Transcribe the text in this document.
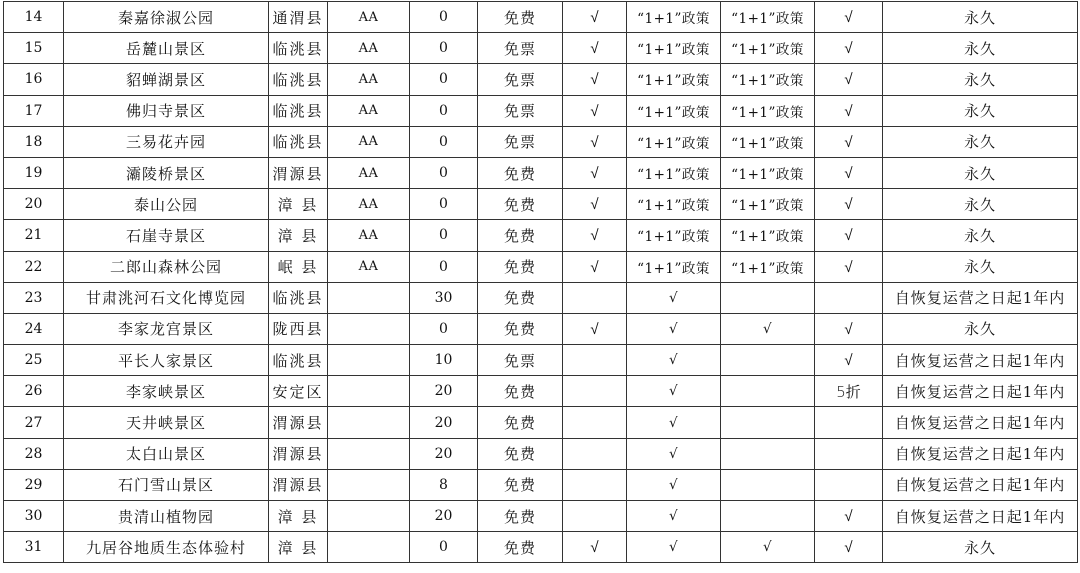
14	秦嘉徐淑公园	通渭县	AA	0	免费	√	“1+1”政策	“1+1”政策	√	永久
15	岳麓山景区	临洮县	AA	0	免票	√	“1+1”政策	“1+1”政策	√	永久
16	貂蝉湖景区	临洮县	AA	0	免票	√	“1+1”政策	“1+1”政策	√	永久
17	佛归寺景区	临洮县	AA	0	免票	√	“1+1”政策	“1+1”政策	√	永久
18	三易花卉园	临洮县	AA	0	免票	√	“1+1”政策	“1+1”政策	√	永久
19	灞陵桥景区	渭源县	AA	0	免费	√	“1+1”政策	“1+1”政策	√	永久
20	泰山公园	漳 县	AA	0	免费	√	“1+1”政策	“1+1”政策	√	永久
21	石崖寺景区	漳 县	AA	0	免费	√	“1+1”政策	“1+1”政策	√	永久
22	二郎山森林公园	岷 县	AA	0	免费	√	“1+1”政策	“1+1”政策	√	永久
23	甘肃洮河石文化博览园	临洮县		30	免费		√			自恢复运营之日起1年内
24	李家龙宫景区	陇西县		0	免费	√	√	√	√	永久
25	平长人家景区	临洮县		10	免票		√		√	自恢复运营之日起1年内
26	李家峡景区	安定区		20	免费		√		5折	自恢复运营之日起1年内
27	天井峡景区	渭源县		20	免费		√			自恢复运营之日起1年内
28	太白山景区	渭源县		20	免费		√			自恢复运营之日起1年内
29	石门雪山景区	渭源县		8	免费		√			自恢复运营之日起1年内
30	贵清山植物园	漳 县		20	免费		√		√	自恢复运营之日起1年内
31	九居谷地质生态体验村	漳 县		0	免费	√	√	√	√	永久
